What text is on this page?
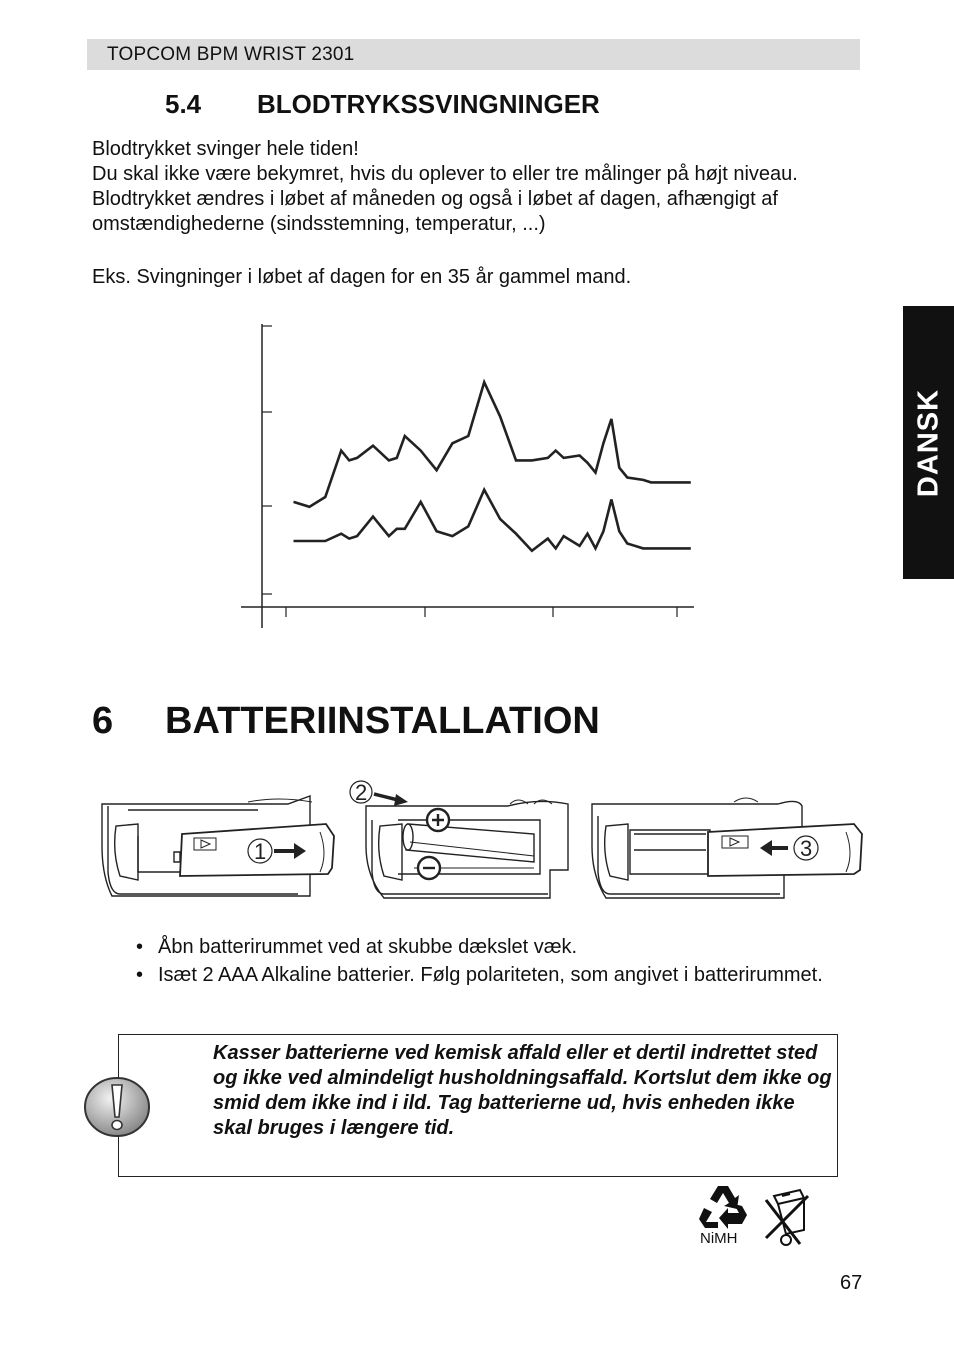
TOPCOM BPM WRIST 2301
5.4 BLODTRYKSSVINGNINGER

Blodtrykket svinger hele tiden!

Du skal ikke være bekymret, hvis du oplever to eller tre målinger på højt niveau.

Blodtrykket ændres i løbet af måneden og også i løbet af dagen, afhængigt af omstændighederne (sindsstemning, temperatur, ...)

Eks. Svingninger i løbet af dagen for en 35 år gammel mand.

6 BATTERIINSTALLATION
DANSK
1
2
3
• Åbn batterirummet ved at skubbe dækslet væk.
• Isæt 2 AAA Alkaline batterier. Følg polariteten, som angivet i batterirummet.

Kasser batterierne ved kemisk affald eller et dertil indrettet sted og ikke ved almindeligt husholdningsaffald. Kortslut dem ikke og smid dem ikke ind i ild. Tag batterierne ud, hvis enheden ikke skal bruges i længere tid.

NiMH
67
